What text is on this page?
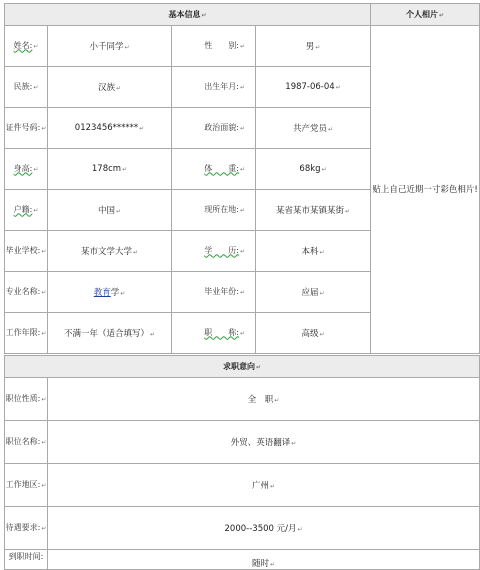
基本信息↵				个人相片↵
姓名:↵	小千同学↵	性　　别:↵	男↵	贴上自己近期一寸彩色相片!
民族:↵	汉族↵	出生年月:↵	1987-06-04↵	
证件号码:↵	0123456******↵	政治面貌:↵	共产党员↵	
身高:↵	178cm↵	体　　重:↵	68kg↵	
户籍:↵	中国↵	现所在地:↵	某省某市某镇某街↵	
毕业学校:↵	某市文学大学↵	学　　历:↵	本科↵	
专业名称:↵	教育学↵	毕业年份:↵	应届↵	
工作年限:↵	不满一年（适合填写）↵	职　　称:↵	高级↵	
求职意向↵	
职位性质:↵	全　职↵
职位名称:↵	外贸、英语翻译↵
工作地区:↵	广州↵
待遇要求:↵	2000--3500 元/月↵
到职时间:	随时↵
